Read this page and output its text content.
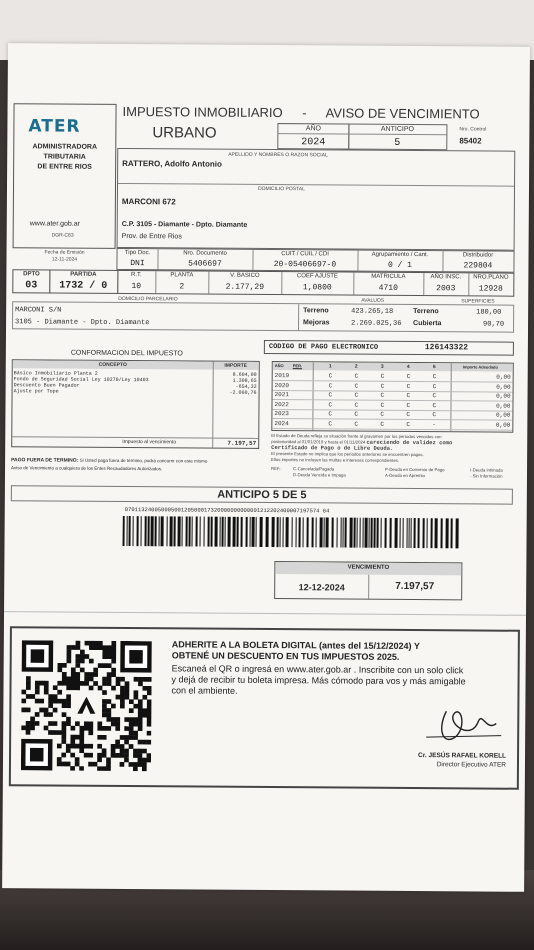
IMPUESTO INMOBILIARIO - AVISO DE VENCIMIENTO
URBANO
ATER
ADMINISTRADORA
TRIBUTARIA
DE ENTRE RIOS
www.ater.gob.ar
DGR-C83
AÑO
2024
ANTICIPO
5
Nro. Control
85402
APELLIDO Y NOMBRES O RAZON SOCIAL
RATTERO, Adolfo Antonio
DOMICILIO POSTAL
MARCONI 672
C.P. 3105 - Diamante - Dpto. Diamante
Prov. de Entre Rios
Fecha de Emisión
12-11-2024
Tipo Doc.
DNI
Nro. Documento
5406697
CUIT / CUIL / CDI
20-05406697-0
Agrupamiento / Cant.
0 / 1
Distribuidor
229804
DPTO
03
PARTIDA
1732 / 0
R.T.
10
PLANTA
2
V. BASICO
2.177,29
COEF AJUSTE
1,0800
MATRICULA
4710
AÑO INSC.
2003
NRO.PLANO
12928
DOMICILIO PARCELARIO
MARCONI S/N
3105 - Diamante - Dpto. Diamante
AVALUOS	SUPERFICIES
Terreno	423.265,18	Terreno	180,00
Mejoras	2.269.025,36 Cubierta	90,70
CONFORMACION DEL IMPUESTO
CONCEPTO	IMPORTE
Básico Inmobiliario Planta 2	8.604,00
Fondo de Seguridad Social Ley 10270/Ley 10403	1.308,65
Descuento Buen Pagador	-654,32
Ajuste por Tope	-2.060,76
Impuesto al vencimiento	7.197,57
CODIGO DE PAGO ELECTRONICO	126143322
AÑO PER.	Importe Adeudado
1	2	3	4	5
2019	C	C	C	C	C	0,00
2020	C	C	C	C	C	0,00
2021	C	C	C	C	C	0,00
2022	C	C	C	C	C	0,00
2023	C	C	C	C	C	0,00
2024	C	C	C	C	-	0,00
El Estado de Deuda refleja su situación frente al gravamen por los períodos vencidos con
posterioridad al 01/01/2019 y hasta el 01/11/2024 careciendo de validez como
Certificado de Pago o de Libre Deuda.
El presente Estado no implica que los períodos anteriores se encuentren pagos.
Ellos importes no incluyen las multas e intereses correspondientes.
REF.:	C-Cancelada/Pagada	P-Deuda en Convenio de Pago	I-Deuda intimada
D-Deuda Vencida e Impaga	A-Deuda en Apremio	- Sin Información
PAGO FUERA DE TERMINO: Si Usted paga fuera de término, podrá concurrir con este mismo
Aviso de Vencimiento a cualquiera de los Entes Recaudadores Autorizados.
ANTICIPO 5 DE 5
07011324005000500120500017320000000000001212202400007197574 64
VENCIMIENTO
12-12-2024	7.197,57
ADHERITE A LA BOLETA DIGITAL (antes del 15/12/2024) Y
OBTENÉ UN DESCUENTO EN TUS IMPUESTOS 2025.
Escaneá el QR o ingresá en www.ater.gob.ar . Inscribite con un solo click
y dejá de recibir tu boleta impresa. Más cómodo para vos y más amigable
con el ambiente.
Cr. JESÚS RAFAEL KORELL
Director Ejecutivo ATER
